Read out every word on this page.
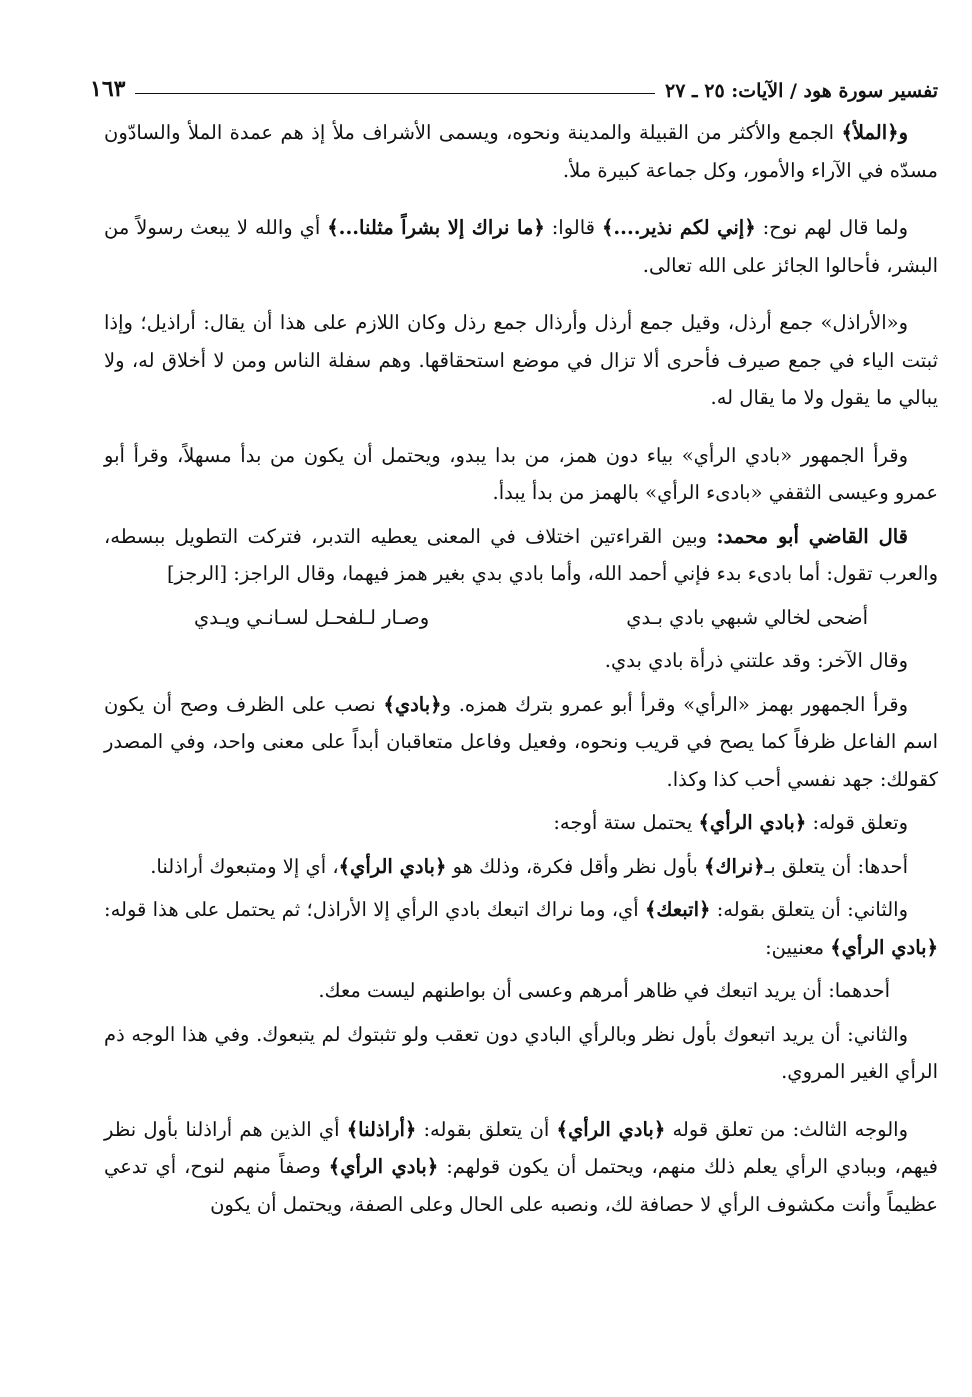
تفسير سورة هود / الآيات: ٢٥ ـ ٢٧
١٦٣

و﴿الملأ﴾ الجمع والأكثر من القبيلة والمدينة ونحوه، ويسمى الأشراف ملأ إذ هم عمدة الملأ والسادّون مسدّه في الآراء والأمور، وكل جماعة كبيرة ملأ.

ولما قال لهم نوح: ﴿إني لكم نذير....﴾ قالوا: ﴿ما نراك إلا بشراً مثلنا...﴾ أي والله لا يبعث رسولاً من البشر، فأحالوا الجائز على الله تعالى.

و«الأراذل» جمع أرذل، وقيل جمع أرذل وأرذال جمع رذل وكان اللازم على هذا أن يقال: أراذيل؛ وإذا ثبتت الياء في جمع صيرف فأحرى ألا تزال في موضع استحقاقها. وهم سفلة الناس ومن لا أخلاق له، ولا يبالي ما يقول ولا ما يقال له.

وقرأ الجمهور «بادي الرأي» بياء دون همز، من بدا يبدو، ويحتمل أن يكون من بدأ مسهلاً، وقرأ أبو عمرو وعيسى الثقفي «بادىء الرأي» بالهمز من بدأ يبدأ.

قال القاضي أبو محمد: وبين القراءتين اختلاف في المعنى يعطيه التدبر، فتركت التطويل ببسطه، والعرب تقول: أما بادىء بدء فإني أحمد الله، وأما بادي بدي بغير همز فيهما، وقال الراجز: [الرجز]

أضحى لخالي شبهي بادي بـدي
وصـار لـلفحـل لسـانـي ويـدي

وقال الآخر: وقد علتني ذرأة بادي بدي.

وقرأ الجمهور بهمز «الرأي» وقرأ أبو عمرو بترك همزه. و﴿بادي﴾ نصب على الظرف وصح أن يكون اسم الفاعل ظرفاً كما يصح في قريب ونحوه، وفعيل وفاعل متعاقبان أبداً على معنى واحد، وفي المصدر كقولك: جهد نفسي أحب كذا وكذا.

وتعلق قوله: ﴿بادي الرأي﴾ يحتمل ستة أوجه:

أحدها: أن يتعلق بـ﴿نراك﴾ بأول نظر وأقل فكرة، وذلك هو ﴿بادي الرأي﴾، أي إلا ومتبعوك أراذلنا.

والثاني: أن يتعلق بقوله: ﴿اتبعك﴾ أي، وما نراك اتبعك بادي الرأي إلا الأراذل؛ ثم يحتمل على هذا قوله: ﴿بادي الرأي﴾ معنيين:

أحدهما: أن يريد اتبعك في ظاهر أمرهم وعسى أن بواطنهم ليست معك.

والثاني: أن يريد اتبعوك بأول نظر وبالرأي البادي دون تعقب ولو تثبتوك لم يتبعوك. وفي هذا الوجه ذم الرأي الغير المروي.

والوجه الثالث: من تعلق قوله ﴿بادي الرأي﴾ أن يتعلق بقوله: ﴿أراذلنا﴾ أي الذين هم أراذلنا بأول نظر فيهم، وببادي الرأي يعلم ذلك منهم، ويحتمل أن يكون قولهم: ﴿بادي الرأي﴾ وصفاً منهم لنوح، أي تدعي عظيماً وأنت مكشوف الرأي لا حصافة لك، ونصبه على الحال وعلى الصفة، ويحتمل أن يكون
